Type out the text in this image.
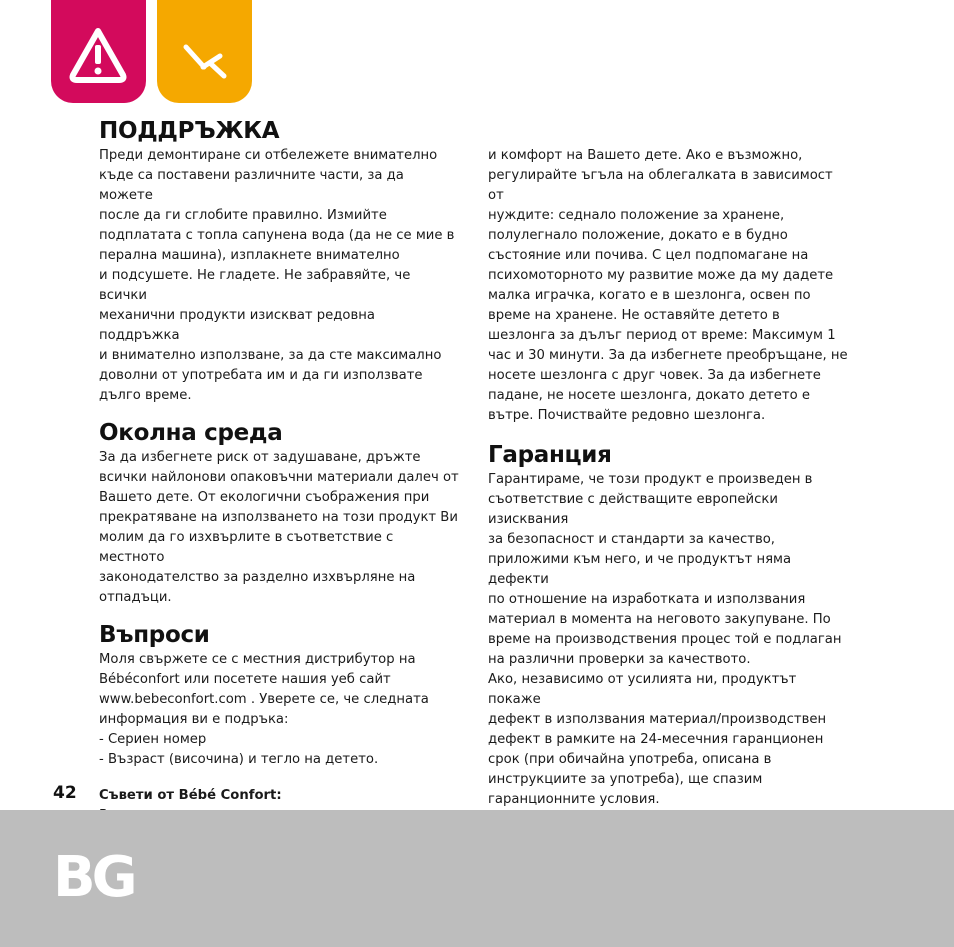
ПОДДРЪЖКА

Преди демонтиране си отбележете внимателно
къде са поставени различните части, за да можете
после да ги сглобите правилно. Измийте
подплатата с топла сапунена вода (да не се мие в
перална машина), изплакнете внимателно
и подсушете. Не гладете. Не забравяйте, че всички
механични продукти изискват редовна поддръжка
и внимателно използване, за да сте максимално
доволни от употребата им и да ги използвате
дълго време.

Околна среда

За да избегнете риск от задушаване, дръжте
всички найлонови опаковъчни материали далеч от
Вашето дете. От екологични съображения при
прекратяване на използването на този продукт Ви
молим да го изхвърлите в съответствие с местното
законодателство за разделно изхвърляне на
отпадъци.

Въпроси

Моля свържете се с местния дистрибутор на
Bébéconfort или посетете нашия уеб сайт
www.bebeconfort.com . Уверете се, че следната
информация ви е подръка:
- Сериен номер
- Възраст (височина) и тегло на детето.

Съвети от Bébé Confort:

и комфорт на Вашето дете. Ако е възможно,
регулирайте ъгъла на облегалката в зависимост от
нуждите: седнало положение за хранене,
полулегнало положение, докато е в будно
състояние или почива. С цел подпомагане на
психомоторното му развитие може да му дадете
малка играчка, когато е в шезлонга, освен по
време на хранене. Не оставяйте детето в
шезлонга за дълъг период от време: Максимум 1
час и 30 минути. За да избегнете преобръщане, не
носете шезлонга с друг човек. За да избегнете
падане, не носете шезлонга, докато детето е
вътре. Почиствайте редовно шезлонга.

Гаранция

Гарантираме, че този продукт е произведен в
съответствие с действащите европейски изисквания
за безопасност и стандарти за качество,
приложими към него, и че продуктът няма дефекти
по отношение на изработката и използвания
материал в момента на неговото закупуване. По
време на производствения процес той е подлаган
на различни проверки за качеството.
Ако, независимо от усилията ни, продуктът покаже
дефект в използвания материал/производствен
дефект в рамките на 24-месечния гаранционен
срок (при обичайна употреба, описана в
инструкциите за употреба), ще спазим
гаранционните условия.

42
BG
